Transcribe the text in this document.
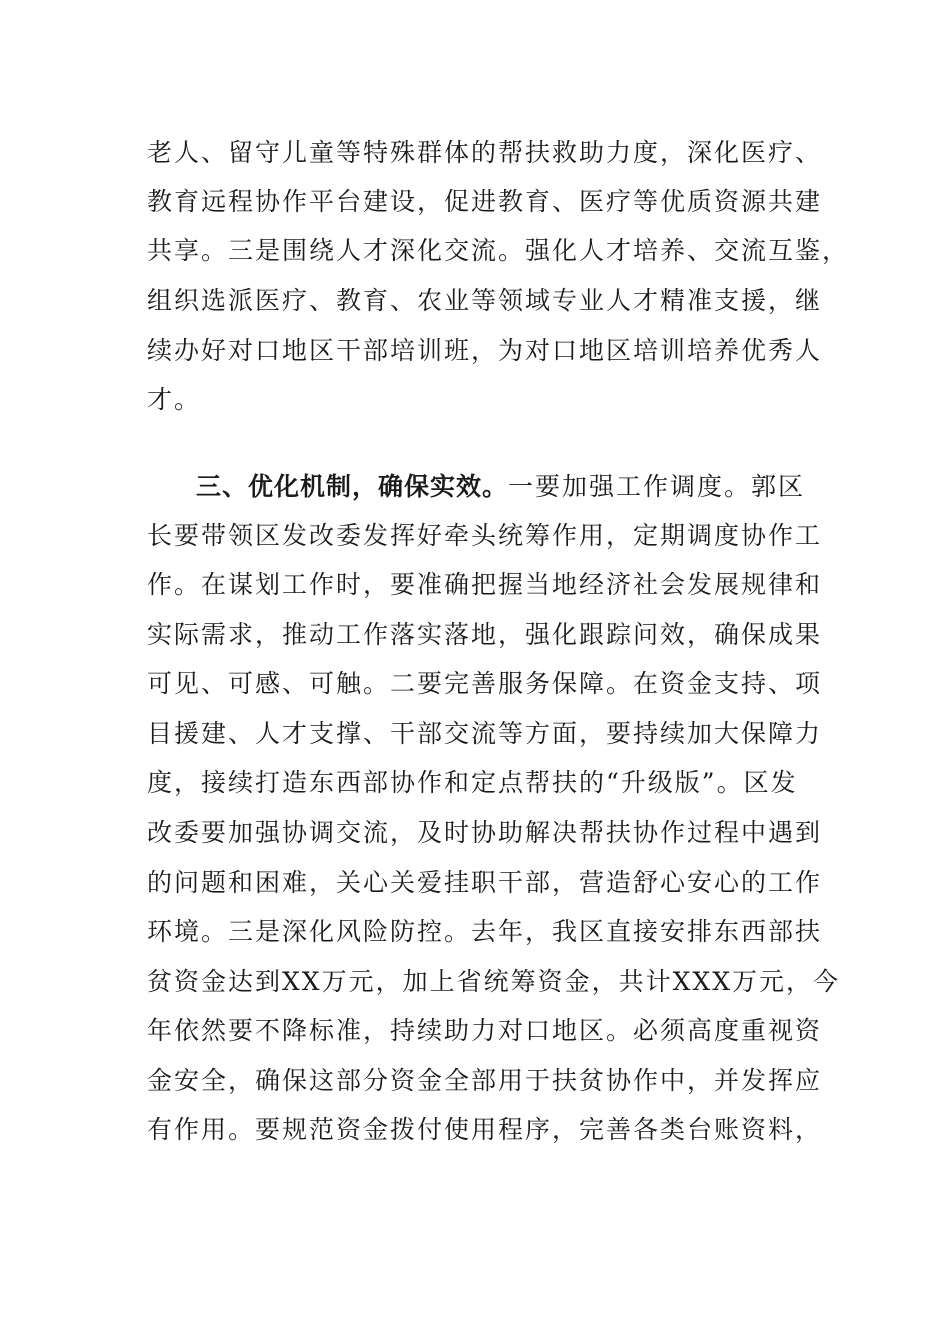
老人、留守儿童等特殊群体的帮扶救助力度，深化医疗、
教育远程协作平台建设，促进教育、医疗等优质资源共建
共享。三是围绕人才深化交流。强化人才培养、交流互鉴，
组织选派医疗、教育、农业等领域专业人才精准支援，继
续办好对口地区干部培训班，为对口地区培训培养优秀人
才。
三、优化机制，确保实效。一要加强工作调度。郭区
长要带领区发改委发挥好牵头统筹作用，定期调度协作工
作。在谋划工作时，要准确把握当地经济社会发展规律和
实际需求，推动工作落实落地，强化跟踪问效，确保成果
可见、可感、可触。二要完善服务保障。在资金支持、项
目援建、人才支撑、干部交流等方面，要持续加大保障力
度，接续打造东西部协作和定点帮扶的“升级版”。区发
改委要加强协调交流，及时协助解决帮扶协作过程中遇到
的问题和困难，关心关爱挂职干部，营造舒心安心的工作
环境。三是深化风险防控。去年，我区直接安排东西部扶
贫资金达到XX万元，加上省统筹资金，共计XXX万元，今
年依然要不降标准，持续助力对口地区。必须高度重视资
金安全，确保这部分资金全部用于扶贫协作中，并发挥应
有作用。要规范资金拨付使用程序，完善各类台账资料，
